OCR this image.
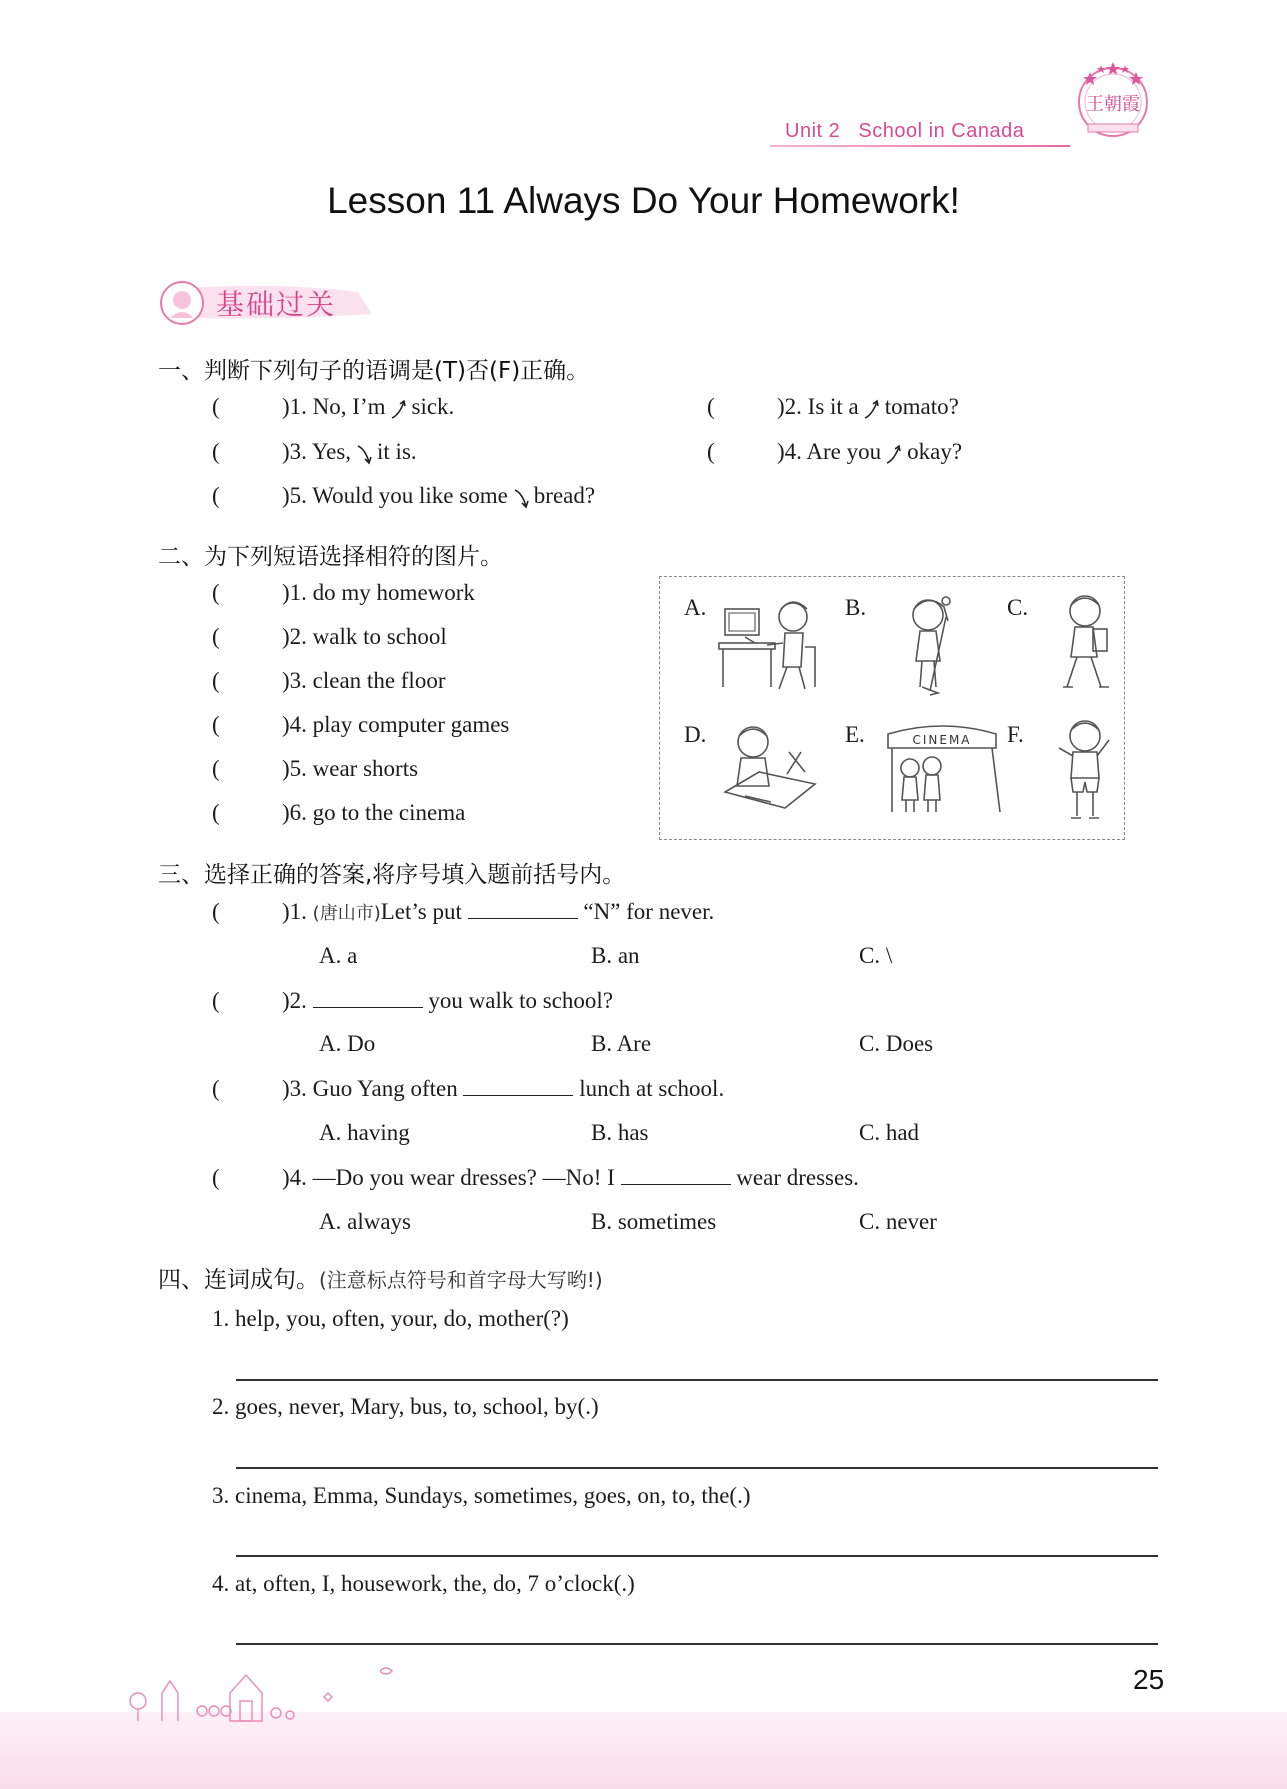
Unit 2 School in Canada
王朝霞
Lesson 11 Always Do Your Homework!
基础过关
一、判断下列句子的语调是(T)否(F)正确。
(	)1. No, I’m sick.	(	)2. Is it a tomato?
(	)3. Yes, it is.	(	)4. Are you okay?
(	)5. Would you like some bread?
二、为下列短语选择相符的图片。
(	)1. do my homework
(	)2. walk to school
(	)3. clean the floor
(	)4. play computer games
(	)5. wear shorts
(	)6. go to the cinema
A.	B.	C.
D.	E.	F.
CINEMA
三、选择正确的答案,将序号填入题前括号内。
(	)1. (唐山市)Let’s put	“N” for never.
A. a	B. an	C. \
(	)2.	you walk to school?
A. Do	B. Are	C. Does
(	)3. Guo Yang often	lunch at school.
A. having	B. has	C. had
(	)4. —Do you wear dresses? —No! I	wear dresses.
A. always	B. sometimes	C. never
四、连词成句。(注意标点符号和首字母大写哟!)
1. help, you, often, your, do, mother(?)
2. goes, never, Mary, bus, to, school, by(.)
3. cinema, Emma, Sundays, sometimes, goes, on, to, the(.)
4. at, often, I, housework, the, do, 7 o’clock(.)
25
